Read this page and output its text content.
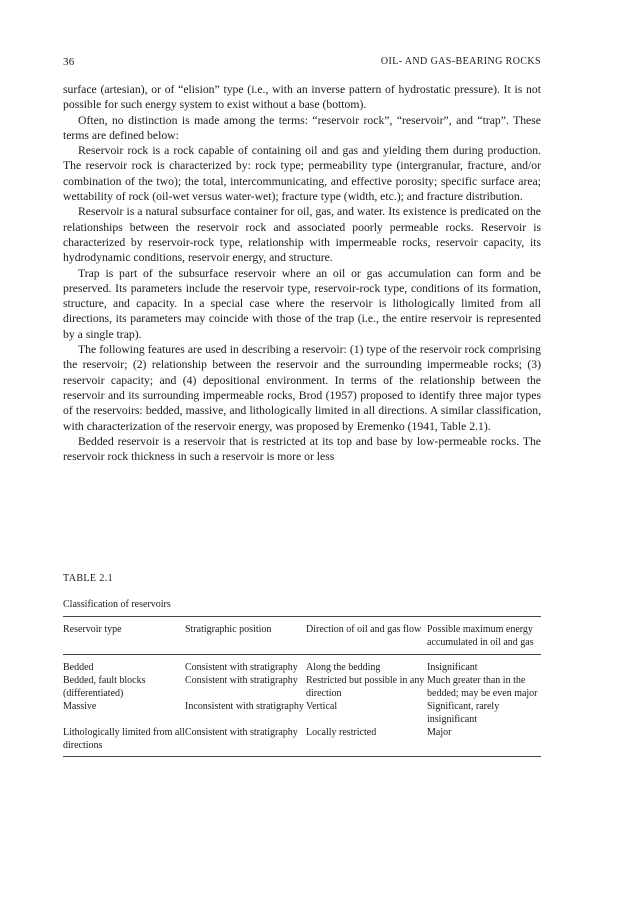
36	OIL- AND GAS-BEARING ROCKS

surface (artesian), or of “elision” type (i.e., with an inverse pattern of hydrostatic pressure). It is not possible for such energy system to exist without a base (bottom).

Often, no distinction is made among the terms: “reservoir rock”, “reservoir”, and “trap”. These terms are defined below:

Reservoir rock is a rock capable of containing oil and gas and yielding them during production. The reservoir rock is characterized by: rock type; permeability type (intergranular, fracture, and/or combination of the two); the total, intercommunicating, and effective porosity; specific surface area; wettability of rock (oil-wet versus water-wet); fracture type (width, etc.); and fracture distribution.

Reservoir is a natural subsurface container for oil, gas, and water. Its existence is predicated on the relationships between the reservoir rock and associated poorly permeable rocks. Reservoir is characterized by reservoir-rock type, relationship with impermeable rocks, reservoir capacity, its hydrodynamic conditions, reservoir energy, and structure.

Trap is part of the subsurface reservoir where an oil or gas accumulation can form and be preserved. Its parameters include the reservoir type, reservoir-rock type, conditions of its formation, structure, and capacity. In a special case where the reservoir is lithologically limited from all directions, its parameters may coincide with those of the trap (i.e., the entire reservoir is represented by a single trap).

The following features are used in describing a reservoir: (1) type of the reservoir rock comprising the reservoir; (2) relationship between the reservoir and the surrounding impermeable rocks; (3) reservoir capacity; and (4) depositional environment. In terms of the relationship between the reservoir and its surrounding impermeable rocks, Brod (1957) proposed to identify three major types of the reservoirs: bedded, massive, and lithologically limited in all directions. A similar classification, with characterization of the reservoir energy, was proposed by Eremenko (1941, Table 2.1).

Bedded reservoir is a reservoir that is restricted at its top and base by low-permeable rocks. The reservoir rock thickness in such a reservoir is more or less

TABLE 2.1
Classification of reservoirs
Reservoir type	Stratigraphic position	Direction of oil and gas flow	Possible maximum energy accumulated in oil and gas
Bedded	Consistent with stratigraphy	Along the bedding	Insignificant
Bedded, fault blocks (differentiated)	Consistent with stratigraphy	Restricted but possible in any direction	Much greater than in the bedded; may be even major
Massive	Inconsistent with stratigraphy	Vertical	Significant, rarely insignificant
Lithologically limited from all directions	Consistent with stratigraphy	Locally restricted	Major
